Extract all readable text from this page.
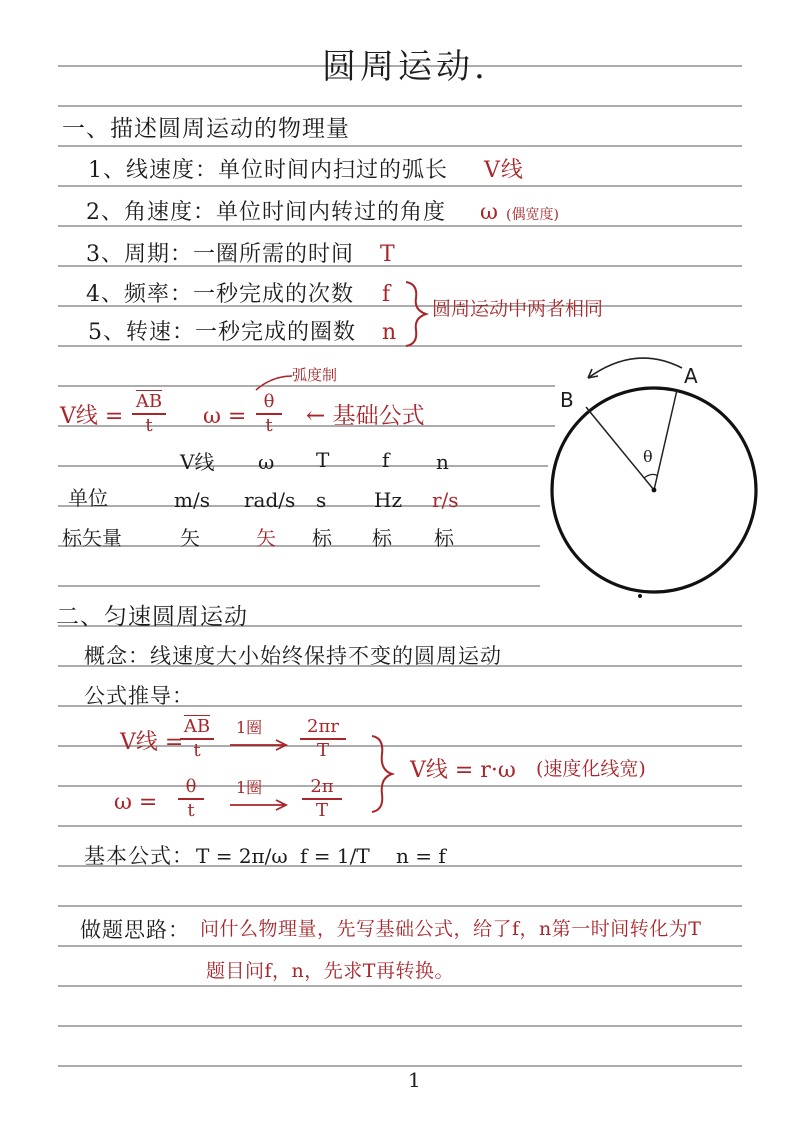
圆周运动.
一、描述圆周运动的物理量
1、线速度：单位时间内扫过的弧长 V线
2、角速度：单位时间内转过的角度 ω (偶宽度)
3、周期：一圈所需的时间 T
4、频率：一秒完成的次数 f
5、转速：一秒完成的圈数 n
圆周运动中两者相同
弧度制
V线 =
$\overline{AB}$
t	ω =
θ
t	← 基础公式
V线 ω T	f n
单位	m/s rad/s s Hz r/s
标矢量	矢	矢 标 标 标
A
B
θ
二、匀速圆周运动
概念：线速度大小始终保持不变的圆周运动
公式推导：
V线 =
$\overline{AB}$
t
1圈	2πr
T
ω =
θ
t
1圈	2π
T
V线 = r·ω (速度化线宽)
基本公式： T = 2π/ω f = 1/T n = f
做题思路： 问什么物理量，先写基础公式，给了f，n第一时间转化为T
题目问f，n，先求T再转换。
1
